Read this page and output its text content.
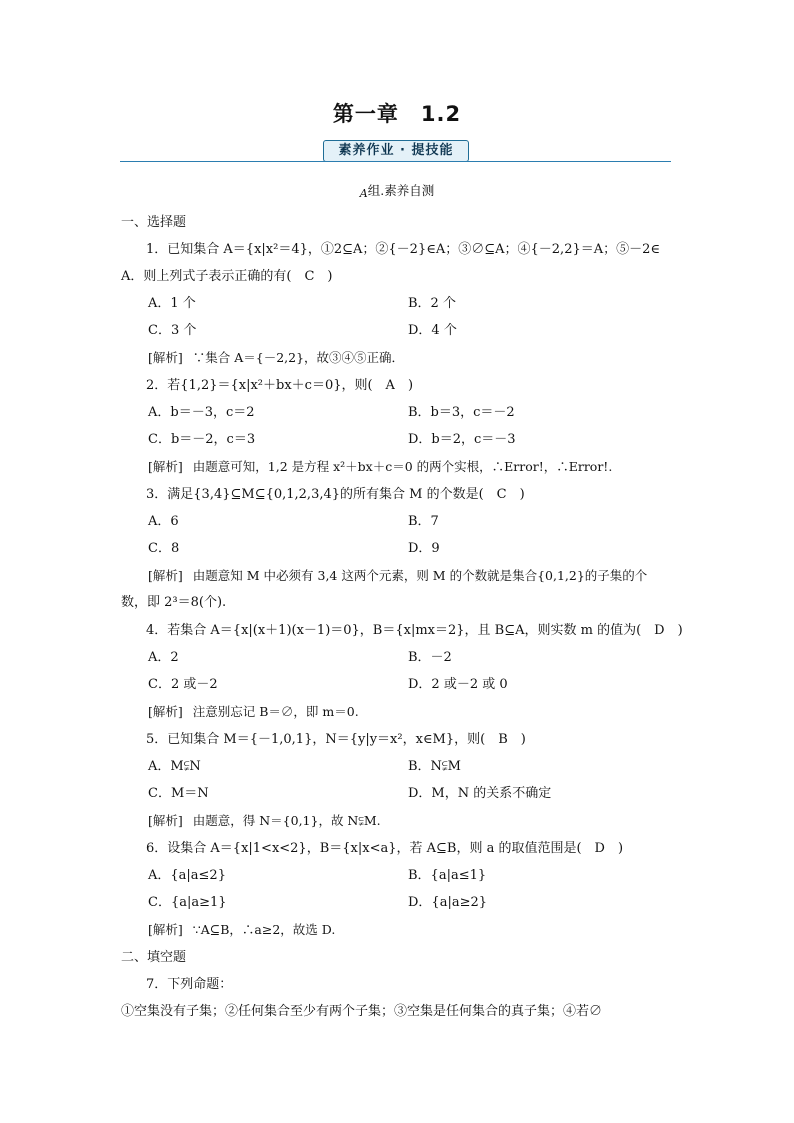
第一章　1.2
素养作业 · 提技能
A组.素养自测
一、选择题
1．已知集合 A＝{x|x²＝4}，①2⊆A；②{－2}∈A；③∅⊆A；④{－2,2}＝A；⑤－2∈
A．则上列式子表示正确的有(　C　)
A．1 个	B．2 个
C．3 个	D．4 个
[解析] ∵集合 A＝{－2,2}，故③④⑤正确．
2．若{1,2}＝{x|x²＋bx＋c＝0}，则(　A　)
A．b＝－3，c＝2	B．b＝3，c＝－2
C．b＝－2，c＝3	D．b＝2，c＝－3
[解析] 由题意可知，1,2 是方程 x²＋bx＋c＝0 的两个实根，∴Error!，∴Error!.
3．满足{3,4}⊆M⊆{0,1,2,3,4}的所有集合 M 的个数是(　C　)
A．6	B．7
C．8	D．9
[解析] 由题意知 M 中必须有 3,4 这两个元素，则 M 的个数就是集合{0,1,2}的子集的个
数，即 2³＝8(个).
4．若集合 A＝{x|(x＋1)(x－1)＝0}，B＝{x|mx＝2}，且 B⊆A，则实数 m 的值为(　D　)
A．2	B．－2
C．2 或－2	D．2 或－2 或 0
[解析] 注意别忘记 B＝∅，即 m＝0.
5．已知集合 M＝{－1,0,1}，N＝{y|y＝x²，x∈M}，则(　B　)
A．M⫋N	B．N⫋M
C．M＝N	D．M，N 的关系不确定
[解析] 由题意，得 N＝{0,1}，故 N⫋M.
6．设集合 A＝{x|1<x<2}，B＝{x|x<a}，若 A⊆B，则 a 的取值范围是(　D　)
A．{a|a≤2}	B．{a|a≤1}
C．{a|a≥1}	D．{a|a≥2}
[解析] ∵A⊆B，∴a≥2，故选 D.
二、填空题
7．下列命题：
①空集没有子集；②任何集合至少有两个子集；③空集是任何集合的真子集；④若∅
